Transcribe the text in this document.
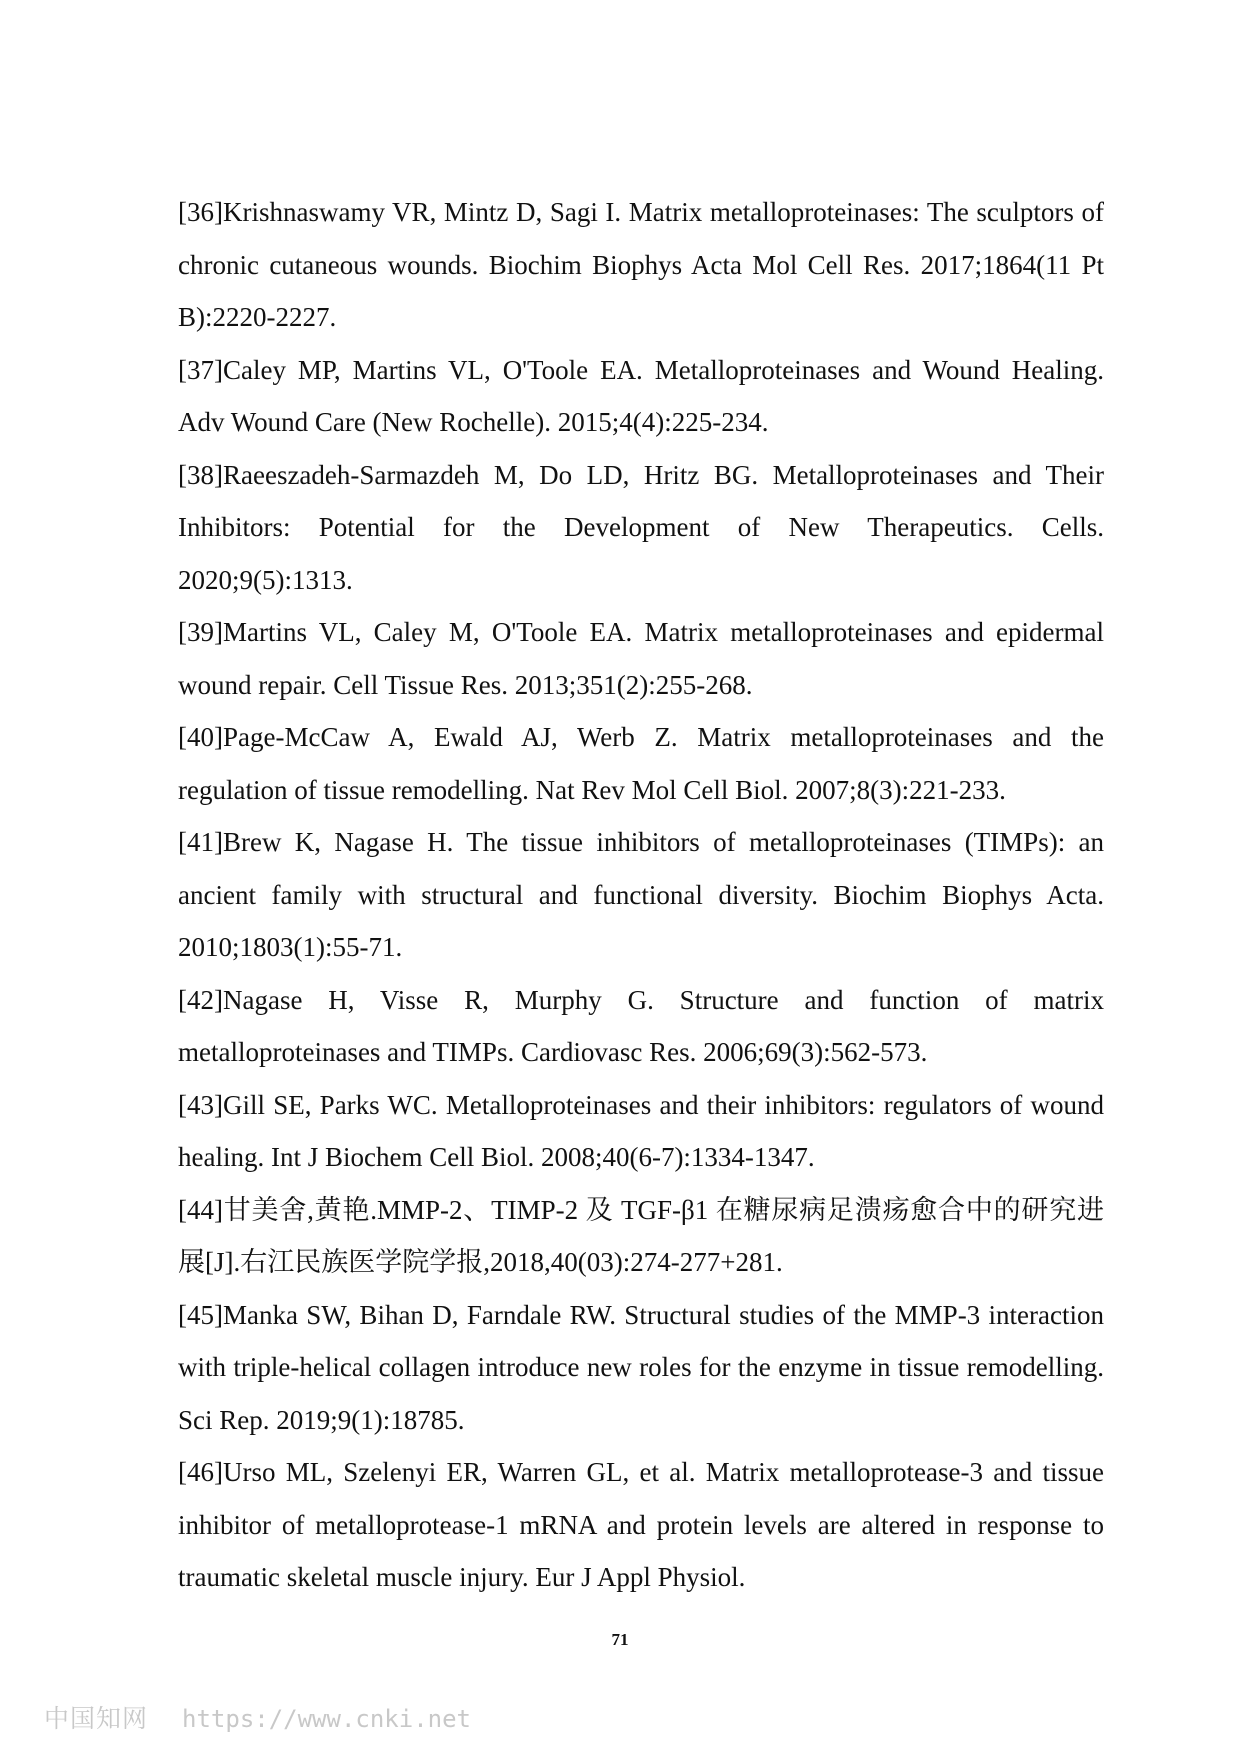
[36]Krishnaswamy VR, Mintz D, Sagi I. Matrix metalloproteinases: The sculptors of chronic cutaneous wounds. Biochim Biophys Acta Mol Cell Res. 2017;1864(11 Pt B):2220-2227.

[37]Caley MP, Martins VL, O'Toole EA. Metalloproteinases and Wound Healing. Adv Wound Care (New Rochelle). 2015;4(4):225-234.

[38]Raeeszadeh-Sarmazdeh M, Do LD, Hritz BG. Metalloproteinases and Their Inhibitors: Potential for the Development of New Therapeutics. Cells. 2020;9(5):1313.

[39]Martins VL, Caley M, O'Toole EA. Matrix metalloproteinases and epidermal wound repair. Cell Tissue Res. 2013;351(2):255-268.

[40]Page-McCaw A, Ewald AJ, Werb Z. Matrix metalloproteinases and the regulation of tissue remodelling. Nat Rev Mol Cell Biol. 2007;8(3):221-233.

[41]Brew K, Nagase H. The tissue inhibitors of metalloproteinases (TIMPs): an ancient family with structural and functional diversity. Biochim Biophys Acta. 2010;1803(1):55-71.

[42]Nagase H, Visse R, Murphy G. Structure and function of matrix metalloproteinases and TIMPs. Cardiovasc Res. 2006;69(3):562-573.

[43]Gill SE, Parks WC. Metalloproteinases and their inhibitors: regulators of wound healing. Int J Biochem Cell Biol. 2008;40(6-7):1334-1347.

[44]甘美舍,黄艳.MMP-2、TIMP-2 及 TGF-β1 在糖尿病足溃疡愈合中的研究进展[J].右江民族医学院学报,2018,40(03):274-277+281.

[45]Manka SW, Bihan D, Farndale RW. Structural studies of the MMP-3 interaction with triple-helical collagen introduce new roles for the enzyme in tissue remodelling. Sci Rep. 2019;9(1):18785.

[46]Urso ML, Szelenyi ER, Warren GL, et al. Matrix metalloprotease-3 and tissue inhibitor of metalloprotease-1 mRNA and protein levels are altered in response to traumatic skeletal muscle injury. Eur J Appl Physiol.

71
中国知网 https://www.cnki.net
